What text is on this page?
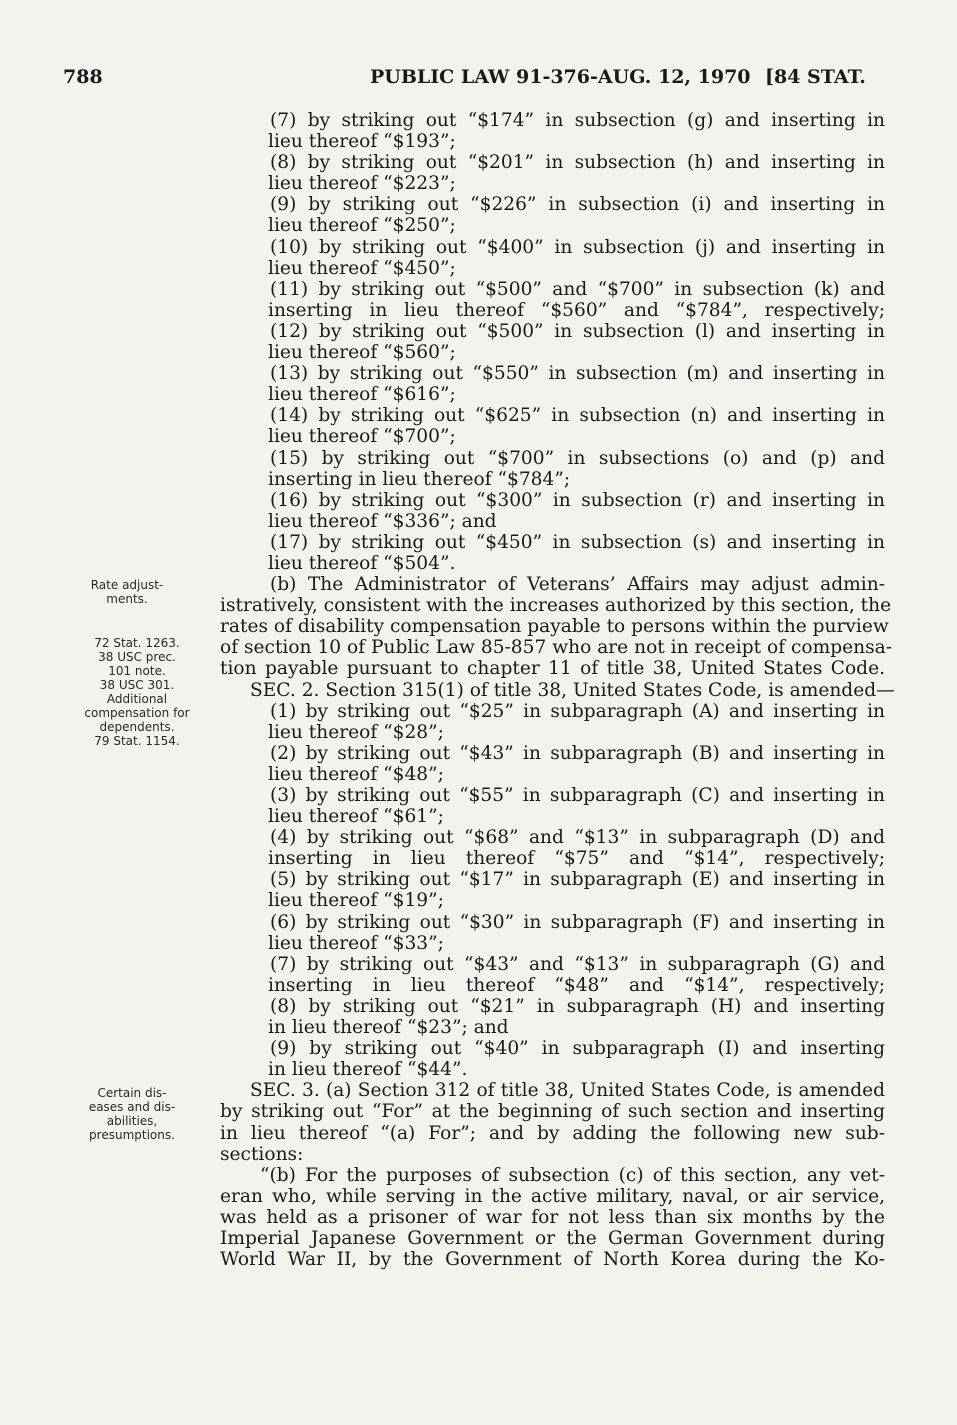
788	PUBLIC LAW 91-376-AUG. 12, 1970 [84 STAT.
Rate adjust-
ments.
72 Stat. 1263.
38 USC prec.
101 note.
38 USC 301.
Additional
compensation for
dependents.
79 Stat. 1154.
Certain dis-
eases and dis-
abilities,
presumptions.
(7) by striking out “$174” in subsection (g) and inserting in
lieu thereof “$193”;
(8) by striking out “$201” in subsection (h) and inserting in
lieu thereof “$223”;
(9) by striking out “$226” in subsection (i) and inserting in
lieu thereof “$250”;
(10) by striking out “$400” in subsection (j) and inserting in
lieu thereof “$450”;
(11) by striking out “$500” and “$700” in subsection (k) and
inserting in lieu thereof “$560” and “$784”, respectively;
(12) by striking out “$500” in subsection (l) and inserting in
lieu thereof “$560”;
(13) by striking out “$550” in subsection (m) and inserting in
lieu thereof “$616”;
(14) by striking out “$625” in subsection (n) and inserting in
lieu thereof “$700”;
(15) by striking out “$700” in subsections (o) and (p) and
inserting in lieu thereof “$784”;
(16) by striking out “$300” in subsection (r) and inserting in
lieu thereof “$336”; and
(17) by striking out “$450” in subsection (s) and inserting in
lieu thereof “$504”.
(b) The Administrator of Veterans’ Affairs may adjust admin-
istratively, consistent with the increases authorized by this section, the
rates of disability compensation payable to persons within the purview
of section 10 of Public Law 85-857 who are not in receipt of compensa-
tion payable pursuant to chapter 11 of title 38, United States Code.
SEC. 2. Section 315(1) of title 38, United States Code, is amended—
(1) by striking out “$25” in subparagraph (A) and inserting in
lieu thereof “$28”;
(2) by striking out “$43” in subparagraph (B) and inserting in
lieu thereof “$48”;
(3) by striking out “$55” in subparagraph (C) and inserting in
lieu thereof “$61”;
(4) by striking out “$68” and “$13” in subparagraph (D) and
inserting in lieu thereof “$75” and “$14”, respectively;
(5) by striking out “$17” in subparagraph (E) and inserting in
lieu thereof “$19”;
(6) by striking out “$30” in subparagraph (F) and inserting in
lieu thereof “$33”;
(7) by striking out “$43” and “$13” in subparagraph (G) and
inserting in lieu thereof “$48” and “$14”, respectively;
(8) by striking out “$21” in subparagraph (H) and inserting
in lieu thereof “$23”; and
(9) by striking out “$40” in subparagraph (I) and inserting
in lieu thereof “$44”.
SEC. 3. (a) Section 312 of title 38, United States Code, is amended
by striking out “For” at the beginning of such section and inserting
in lieu thereof “(a) For”; and by adding the following new sub-
sections:
“(b) For the purposes of subsection (c) of this section, any vet-
eran who, while serving in the active military, naval, or air service,
was held as a prisoner of war for not less than six months by the
Imperial Japanese Government or the German Government during
World War II, by the Government of North Korea during the Ko-
